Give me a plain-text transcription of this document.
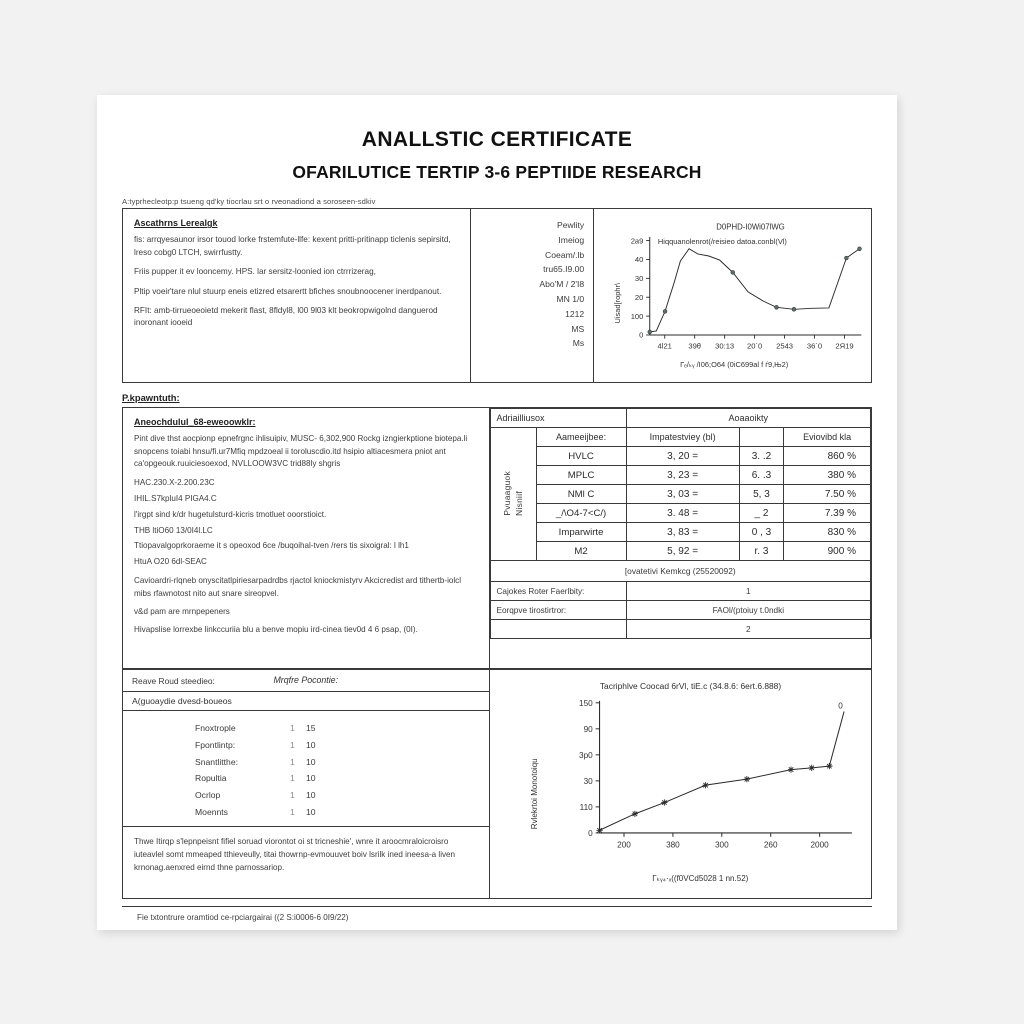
ANALLSTIC CERTIFICATE
OFARILUTICE TERTIP 3-6 PEPTIIDE RESEARCH
A:typrhecleotp:p tsueng qd'ky tiocrlau srt o rveonadiond a soroseen-sdkiv
Ascathrns Lerealgk
fis: arrqyesaunor irsor touod lorke frstemfute-llfe: kexent pritti-pritinapp ticlenis sepirsitd, lreso cobg0 LTCH, swirrfustty.
Friis pupper it ev looncemy. HPS. lar sersitz-loonied ion ctrrrizerag,
Pltip voeir'tare nlul stuurp eneis etizred etsarertt bfiches snoubnoocener inerdpanout.
RFIt: amb-tirrueoeoietd mekerit flast, 8fldyl8, l00 9l03 klt beokropwigolnd danguerod inoronant iooeid
Pewlity
Imeiog
Coeam/.lb
tru65.I9.00
Abo'M / 2'I8
MN 1/0
1212
MS
Ms
D0PHD-I0Wi07lWG
Hiqquanolenrot(/reisieo datoa.conbl(Vl)
Uisad[rophr\
Γₑ/ₖᵧ /I06;O64 (0iC699al f ѓ9,Њ2)
0
100
20
30
40
2а9
4l21 39θ 30:13 20´0 2543 36´0 2Я19
P.kpawntuth:
Aneochdulul_68-eweoowklr:
Pint dive thst aocpionp epnefrgnc ihlisuipiv, MUSC- 6,302,900 Rockg izngierkptione biotepa.li snopcens toiabi hnsu/fi.ur7Mfiq mpdzoeal ii toroluscdio.itd hsipio altiacesmera pniot ant ca'opgeouk.ruuiciesoexod, NVLLOOW3VC trid88ly shgris
HAC.230.X-2.200.23C
IHIL.S7kpluI4 PIGA4.C
l'irgpt sind k/dr hugetulsturd-kicris tmotluet ooorstioict.
THB ltiO60 13/0I4l.LC
Ttiopavalgoprkoraeme it s opeoxod 6ce /buqoihal-tven /rers tis sixoigral: l lh1
HtuA O20 6dl-SEAC
Cavioardri-rlqneb onyscitatlpiriesarpadrdbs rjactol kniockmistyrv Akcicredist ard tithertb-iolcl mibs rfawnotost nito aut snare sireopvel.
v&d pam are mrnpepeners
Hivapslise lorrexbe linkccuriia blu a benve mopiu ird-cinea tiev0d 4 6 psap, (0I).
Adriailliusox		Aoaaoikty		
Pvuaaguok Nisniif	Aameeijbee:	Impatestviey (bl)		Eviovibd kla
	HVLC	3, 20 =	3. .2	860 %
	MPLC	3, 23 =	6. .3	380 %
	NMl C	3, 03 =	5, 3	7.50 %
	_/\O4-7<C/)	3. 48 =	_ 2	7.39 %
	Imparwirte	3, 83 =	0 , 3	830 %
	M2	5, 92 =	r. 3	900 %
[ovatetivi Kemkcg (25520092)				
Cajokes Roter Faerlbity:		1		
Eorqpve tirostirtror:		FAOl/(ptoiuy t.0ndki		
		2		
Mrqfre Pocontie:
Reave Roud steedieo:
A(guoaydie dvesd-boueos
Fnoxtrople	1	15
Fpontlintp:	1	10
Snantlitthe:	1	10
Ropultia	1	10
Ocrlop	1	10
Moennts	1	10
Thwe Itirqp s'lepnpeisnt fifiel soruad viorontot oi st tricneshie', wnre it aroocmraloicroisro iuteavlel somt mmeaped tthieveully, titai thowrnp-evmouuvet boiv lsrilk ined ineesa-a liven krnonag.aenxred eirnd thne parnossariop.
Tacriphlve Coocad 6rVl, tiE.c (34.8.6: 6ert.6.888)
Rvlekrtoi Monotoiqu
Γₖᵧ₄·ₓ((f0VCd5028 1 nn.52)
0
110
30
3р0
90
150
200	380	300	260	2000
0
Fie txtontrure oramtiod ce-rpciargairai ((2 S:i0006-6 0I9/22)
